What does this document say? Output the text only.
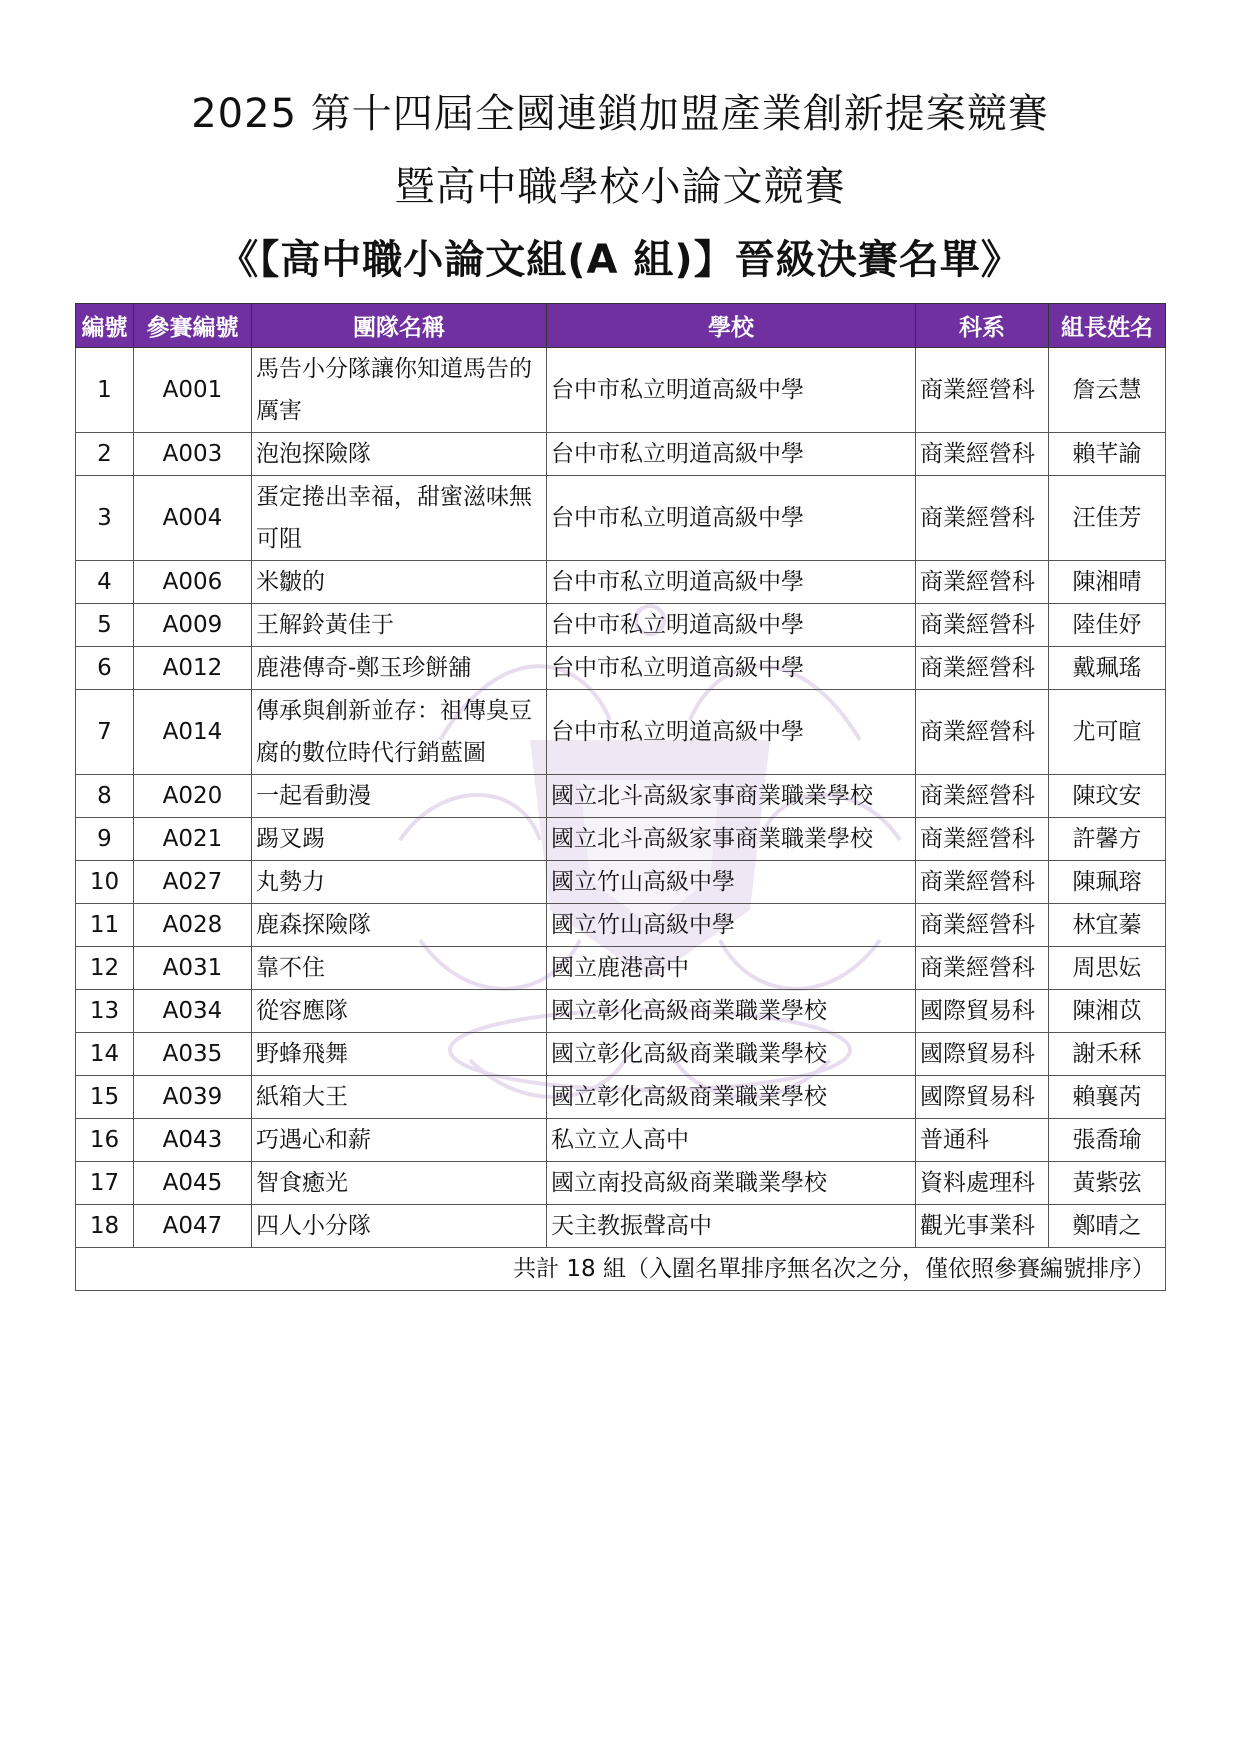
2025 第十四屆全國連鎖加盟產業創新提案競賽
暨高中職學校小論文競賽
《【高中職小論文組(A 組)】晉級決賽名單》
編號	參賽編號	團隊名稱	學校	科系	組長姓名
1	A001	馬告小分隊讓你知道馬告的厲害	台中市私立明道高級中學	商業經營科	詹云慧
2	A003	泡泡探險隊	台中市私立明道高級中學	商業經營科	賴芊諭
3	A004	蛋定捲出幸福，甜蜜滋味無可阻	台中市私立明道高級中學	商業經營科	汪佳芳
4	A006	米皺的	台中市私立明道高級中學	商業經營科	陳湘晴
5	A009	王解鈴黃佳于	台中市私立明道高級中學	商業經營科	陸佳妤
6	A012	鹿港傳奇-鄭玉珍餅舖	台中市私立明道高級中學	商業經營科	戴珮瑤
7	A014	傳承與創新並存：祖傳臭豆腐的數位時代行銷藍圖	台中市私立明道高級中學	商業經營科	尤可暄
8	A020	一起看動漫	國立北斗高級家事商業職業學校	商業經營科	陳玟安
9	A021	踢叉踢	國立北斗高級家事商業職業學校	商業經營科	許馨方
10	A027	丸勢力	國立竹山高級中學	商業經營科	陳珮瑢
11	A028	鹿森探險隊	國立竹山高級中學	商業經營科	林宜蓁
12	A031	靠不住	國立鹿港高中	商業經營科	周思妘
13	A034	從容應隊	國立彰化高級商業職業學校	國際貿易科	陳湘苡
14	A035	野蜂飛舞	國立彰化高級商業職業學校	國際貿易科	謝禾秝
15	A039	紙箱大王	國立彰化高級商業職業學校	國際貿易科	賴襄芮
16	A043	巧遇心和薪	私立立人高中	普通科	張喬瑜
17	A045	智食癒光	國立南投高級商業職業學校	資料處理科	黃紫弦
18	A047	四人小分隊	天主教振聲高中	觀光事業科	鄭晴之
共計 18 組（入圍名單排序無名次之分，僅依照參賽編號排序）					
